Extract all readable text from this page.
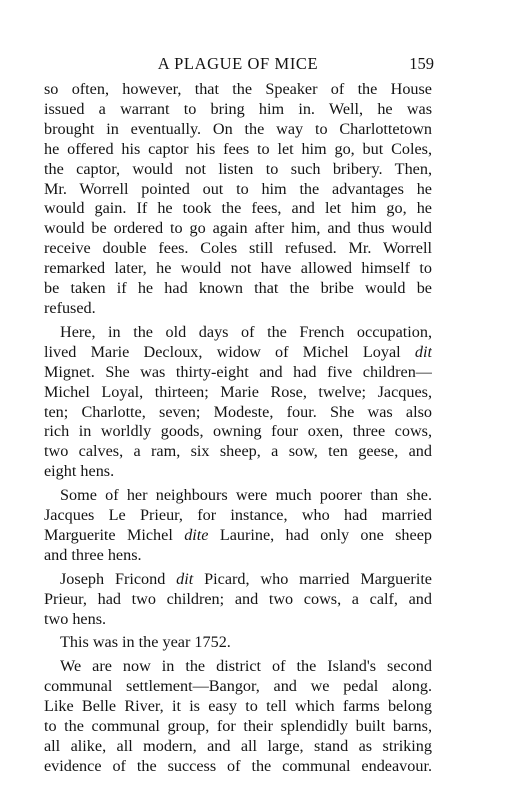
A PLAGUE OF MICE	159

so often, however, that the Speaker of the House
issued a warrant to bring him in. Well, he was
brought in eventually. On the way to Charlottetown
he offered his captor his fees to let him go, but Coles,
the captor, would not listen to such bribery. Then,
Mr. Worrell pointed out to him the advantages he
would gain. If he took the fees, and let him go, he
would be ordered to go again after him, and thus would
receive double fees. Coles still refused. Mr. Worrell
remarked later, he would not have allowed himself to
be taken if he had known that the bribe would be
refused.

Here, in the old days of the French occupation,
lived Marie Decloux, widow of Michel Loyal dit
Mignet. She was thirty-eight and had five children—
Michel Loyal, thirteen; Marie Rose, twelve; Jacques,
ten; Charlotte, seven; Modeste, four. She was also
rich in worldly goods, owning four oxen, three cows,
two calves, a ram, six sheep, a sow, ten geese, and
eight hens.

Some of her neighbours were much poorer than she.
Jacques Le Prieur, for instance, who had married
Marguerite Michel dite Laurine, had only one sheep
and three hens.

Joseph Fricond dit Picard, who married Marguerite
Prieur, had two children; and two cows, a calf, and
two hens.

This was in the year 1752.

We are now in the district of the Island's second
communal settlement—Bangor, and we pedal along.
Like Belle River, it is easy to tell which farms belong
to the communal group, for their splendidly built barns,
all alike, all modern, and all large, stand as striking
evidence of the success of the communal endeavour.
